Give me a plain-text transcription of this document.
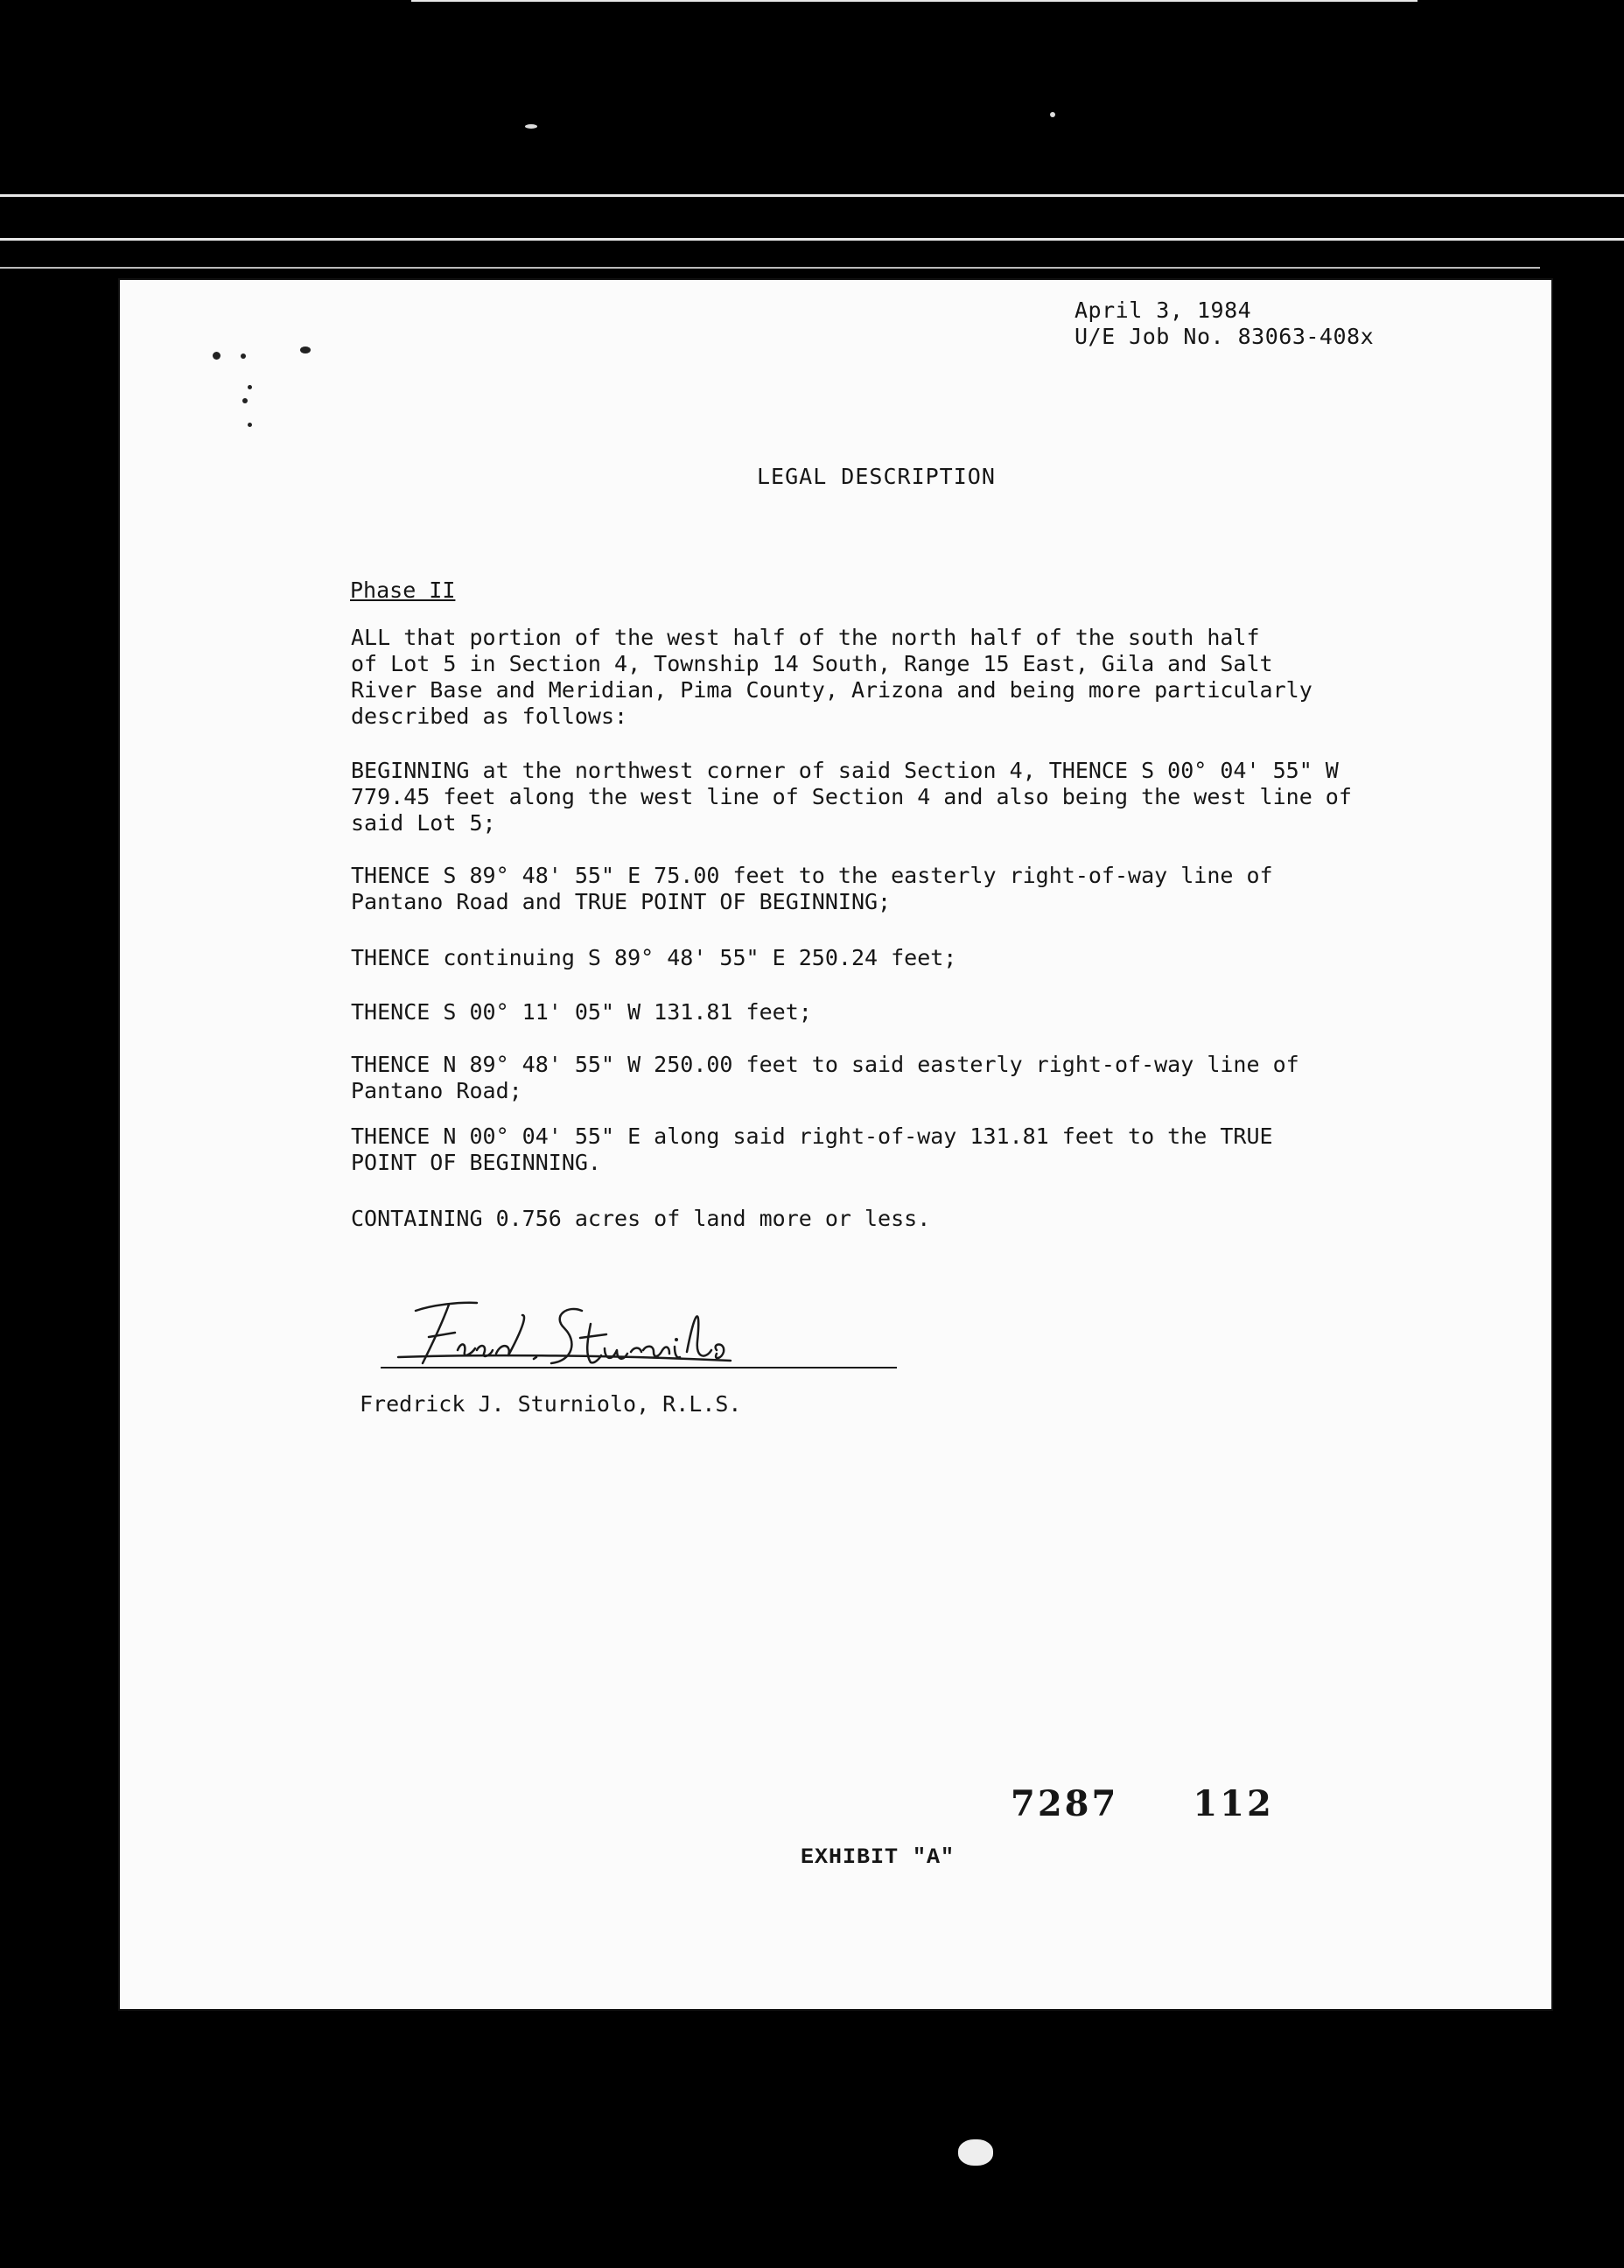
April 3, 1984
U/E Job No. 83063-408x
LEGAL DESCRIPTION
Phase II
ALL that portion of the west half of the north half of the south half
of Lot 5 in Section 4, Township 14 South, Range 15 East, Gila and Salt
River Base and Meridian, Pima County, Arizona and being more particularly
described as follows:
BEGINNING at the northwest corner of said Section 4, THENCE S 00° 04' 55" W
779.45 feet along the west line of Section 4 and also being the west line of
said Lot 5;
THENCE S 89° 48' 55" E 75.00 feet to the easterly right-of-way line of
Pantano Road and TRUE POINT OF BEGINNING;
THENCE continuing S 89° 48' 55" E 250.24 feet;
THENCE S 00° 11' 05" W 131.81 feet;
THENCE N 89° 48' 55" W 250.00 feet to said easterly right-of-way line of
Pantano Road;
THENCE N 00° 04' 55" E along said right-of-way 131.81 feet to the TRUE
POINT OF BEGINNING.
CONTAINING 0.756 acres of land more or less.
Fredrick J. Sturniolo, R.L.S.
7287 112
EXHIBIT "A"
